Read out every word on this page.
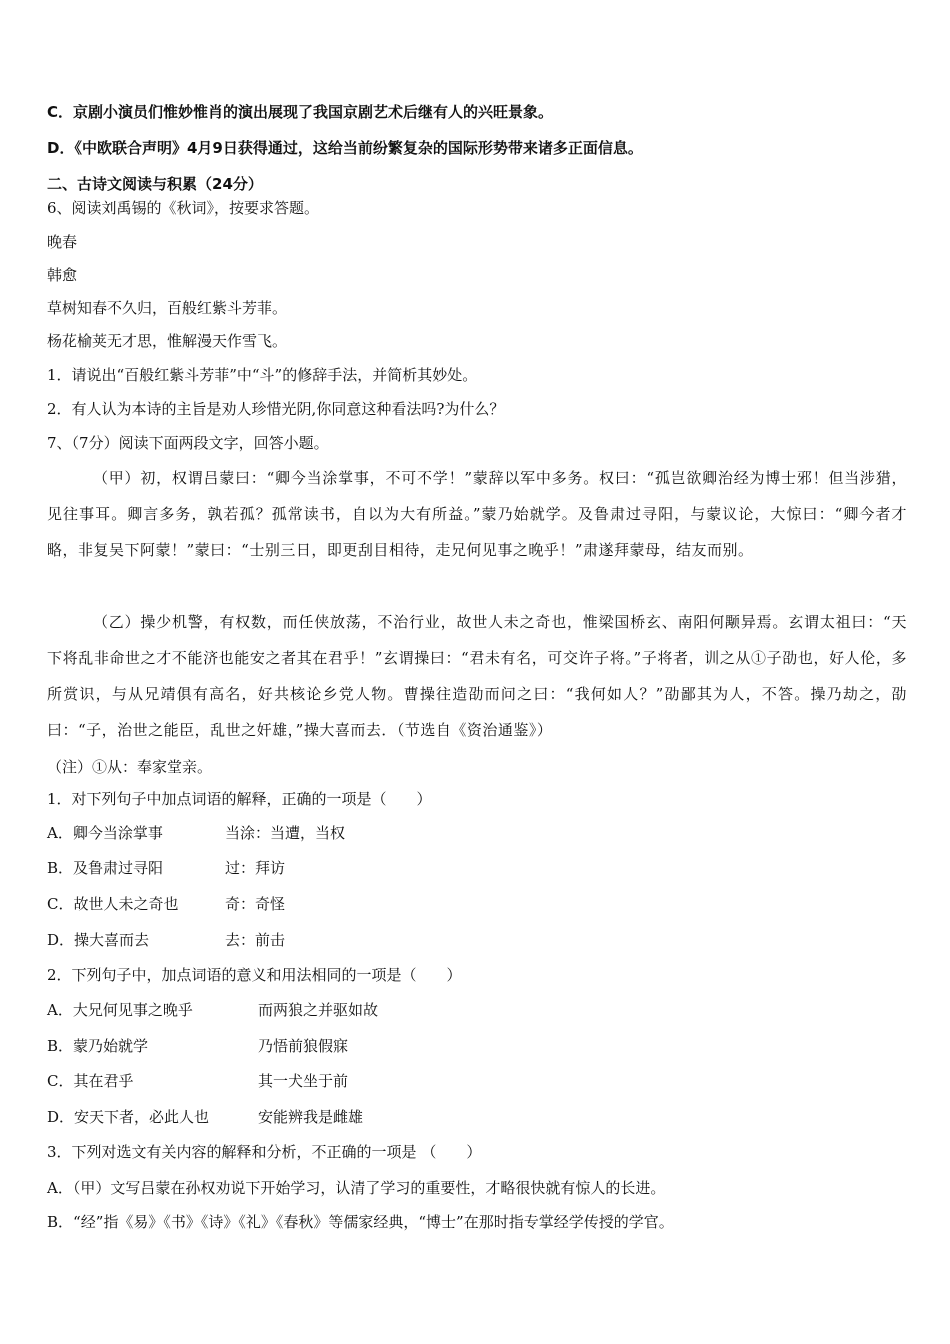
C．京剧小演员们惟妙惟肖的演出展现了我国京剧艺术后继有人的兴旺景象。
D．《中欧联合声明》4月9日获得通过，这给当前纷繁复杂的国际形势带来诸多正面信息。
二、古诗文阅读与积累（24分）
6、阅读刘禹锡的《秋词》，按要求答题。
晚春
韩愈
草树知春不久归，百般红紫斗芳菲。
杨花榆荚无才思，惟解漫天作雪飞。
1．请说出“百般红紫斗芳菲”中“斗”的修辞手法，并简析其妙处。
2．有人认为本诗的主旨是劝人珍惜光阴,你同意这种看法吗?为什么？
7、（7分）阅读下面两段文字，回答小题。
（甲）初，权谓吕蒙曰：“卿今当涂掌事，不可不学！”蒙辞以军中多务。权曰：“孤岂欲卿治经为博士邪！但当涉猎，见往事耳。卿言多务，孰若孤？孤常读书，自以为大有所益。”蒙乃始就学。及鲁肃过寻阳，与蒙议论，大惊曰：“卿今者才略，非复吴下阿蒙！”蒙曰：“士别三日，即更刮目相待，走兄何见事之晚乎！”肃遂拜蒙母，结友而别。
（乙）操少机警，有权数，而任侠放荡，不治行业，故世人未之奇也，惟梁国桥玄、南阳何颙异焉。玄谓太祖曰：“天下将乱非命世之才不能济也能安之者其在君乎！”玄谓操曰：“君未有名，可交许子将。”子将者，训之从①子劭也，好人伦，多所赏识，与从兄靖俱有高名，好共核论乡党人物。曹操往造劭而问之曰：“我何如人？”劭鄙其为人，不答。操乃劫之，劭曰：“子，治世之能臣，乱世之奸雄，”操大喜而去．（节选自《资治通鉴》）
（注）①从：奉家堂亲。
1．对下列句子中加点词语的解释，正确的一项是（　　）
A．卿今当涂掌事	当涂：当遭，当权
B．及鲁肃过寻阳	过：拜访
C．故世人未之奇也	奇：奇怪
D．操大喜而去	去：前击
2．下列句子中，加点词语的意义和用法相同的一项是（　　）
A．大兄何见事之晚乎	而两狼之并驱如故
B．蒙乃始就学	乃悟前狼假寐
C．其在君乎	其一犬坐于前
D．安天下者，必此人也	安能辨我是雌雄
3．下列对选文有关内容的解释和分析，不正确的一项是 （　　）
A．（甲）文写吕蒙在孙权劝说下开始学习，认清了学习的重要性，才略很快就有惊人的长进。
B．“经”指《易》《书》《诗》《礼》《春秋》等儒家经典，“博士”在那时指专掌经学传授的学官。
